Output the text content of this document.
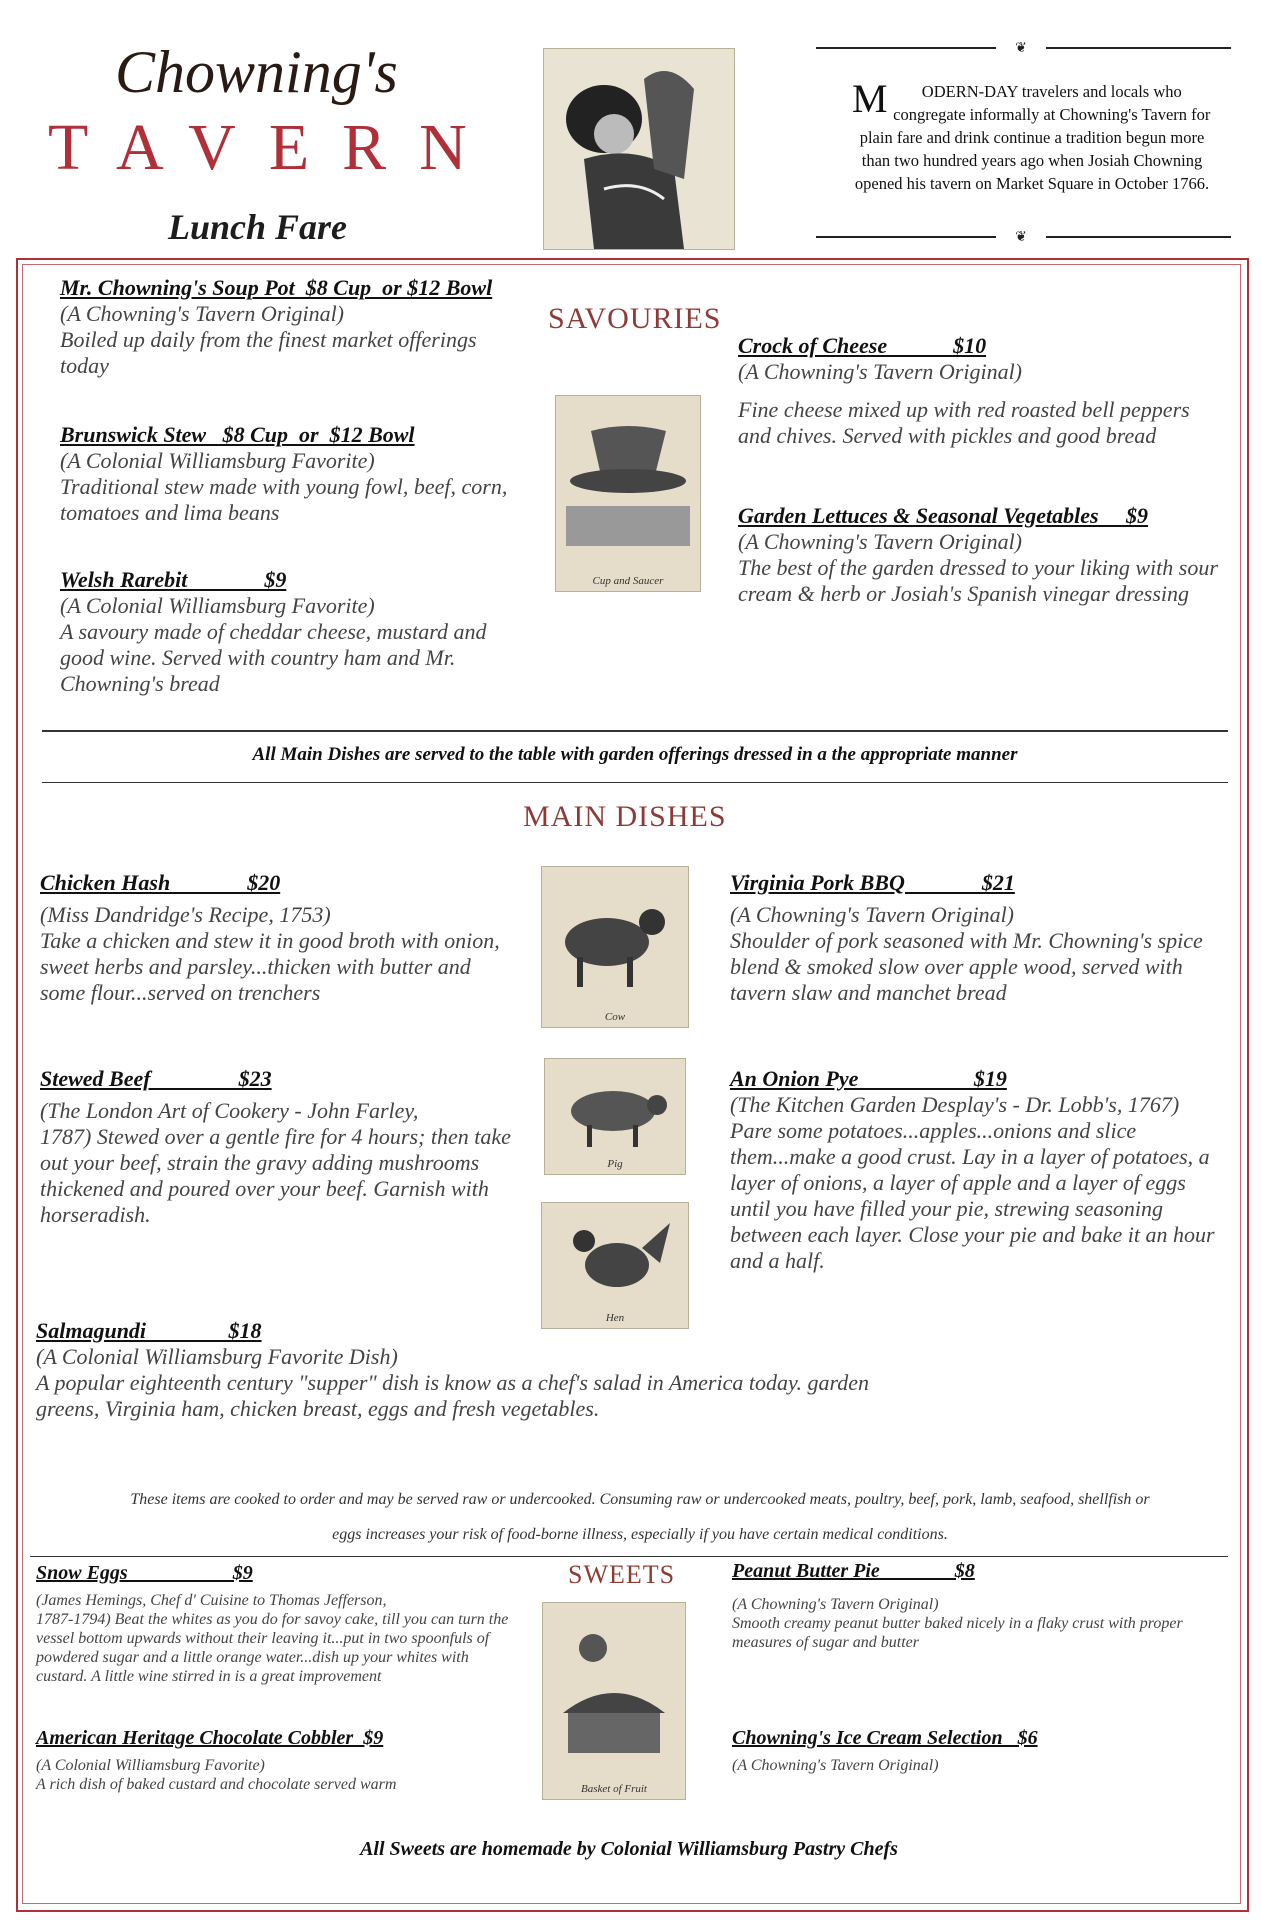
Chowning's
TAVERN
Lunch Fare
❦
M ODERN-DAY travelers and locals who congregate informally at Chowning's Tavern for plain fare and drink continue a tradition begun more than two hundred years ago when Josiah Chowning opened his tavern on Market Square in October 1766.
❦
SAVOURIES
Cup and Saucer
Mr. Chowning's Soup Pot  $8 Cup  or $12 Bowl
(A Chowning's Tavern Original)
Boiled up daily from the finest market offerings today
Brunswick Stew   $8 Cup  or  $12 Bowl
(A Colonial Williamsburg Favorite)
Traditional stew made with young fowl, beef, corn, tomatoes and lima beans
Welsh Rarebit              $9
(A Colonial Williamsburg Favorite)
A savoury made of cheddar cheese, mustard and good wine. Served with country ham and Mr. Chowning's bread
Crock of Cheese            $10
(A Chowning's Tavern Original)
Fine cheese mixed up with red roasted bell peppers and chives. Served with pickles and good bread
Garden Lettuces & Seasonal Vegetables     $9
(A Chowning's Tavern Original)
The best of the garden dressed to your liking with sour cream & herb or Josiah's Spanish vinegar dressing
All Main Dishes are served to the table with garden offerings dressed in a the appropriate manner
MAIN DISHES
Cow
Pig
Hen
Chicken Hash              $20
(Miss Dandridge's Recipe, 1753)
Take a chicken and stew it in good broth with onion, sweet herbs and parsley...thicken with butter and some flour...served on trenchers
Virginia Pork BBQ              $21
(A Chowning's Tavern Original)
Shoulder of pork seasoned with Mr. Chowning's spice blend & smoked slow over apple wood, served with tavern slaw and manchet bread
Stewed Beef                $23
(The London Art of Cookery - John Farley,
1787) Stewed over a gentle fire for 4 hours; then take out your beef, strain the gravy adding mushrooms thickened and poured over your beef. Garnish with horseradish.
An Onion Pye                     $19
(The Kitchen Garden Desplay's - Dr. Lobb's, 1767)
Pare some potatoes...apples...onions and slice them...make a good crust. Lay in a layer of potatoes, a layer of onions, a layer of apple and a layer of eggs until you have filled your pie, strewing seasoning between each layer. Close your pie and bake it an hour and a half.
Salmagundi               $18
(A Colonial Williamsburg Favorite Dish)
A popular eighteenth century "supper" dish is know as a chef's salad in America today. garden greens, Virginia ham, chicken breast, eggs and fresh vegetables.
These items are cooked to order and may be served raw or undercooked. Consuming raw or undercooked meats, poultry, beef, pork, lamb, seafood, shellfish or eggs increases your risk of food-borne illness, especially if you have certain medical conditions.
SWEETS
Basket of Fruit
Snow Eggs                     $9
(James Hemings, Chef d' Cuisine to Thomas Jefferson,
1787-1794) Beat the whites as you do for savoy cake, till you can turn the vessel bottom upwards without their leaving it...put in two spoonfuls of powdered sugar and a little orange water...dish up your whites with custard. A little wine stirred in is a great improvement
American Heritage Chocolate Cobbler  $9
(A Colonial Williamsburg Favorite)
A rich dish of baked custard and chocolate served warm
Peanut Butter Pie               $8
(A Chowning's Tavern Original)
Smooth creamy peanut butter baked nicely in a flaky crust with proper measures of sugar and butter
Chowning's Ice Cream Selection   $6
(A Chowning's Tavern Original)
All Sweets are homemade by Colonial Williamsburg Pastry Chefs
